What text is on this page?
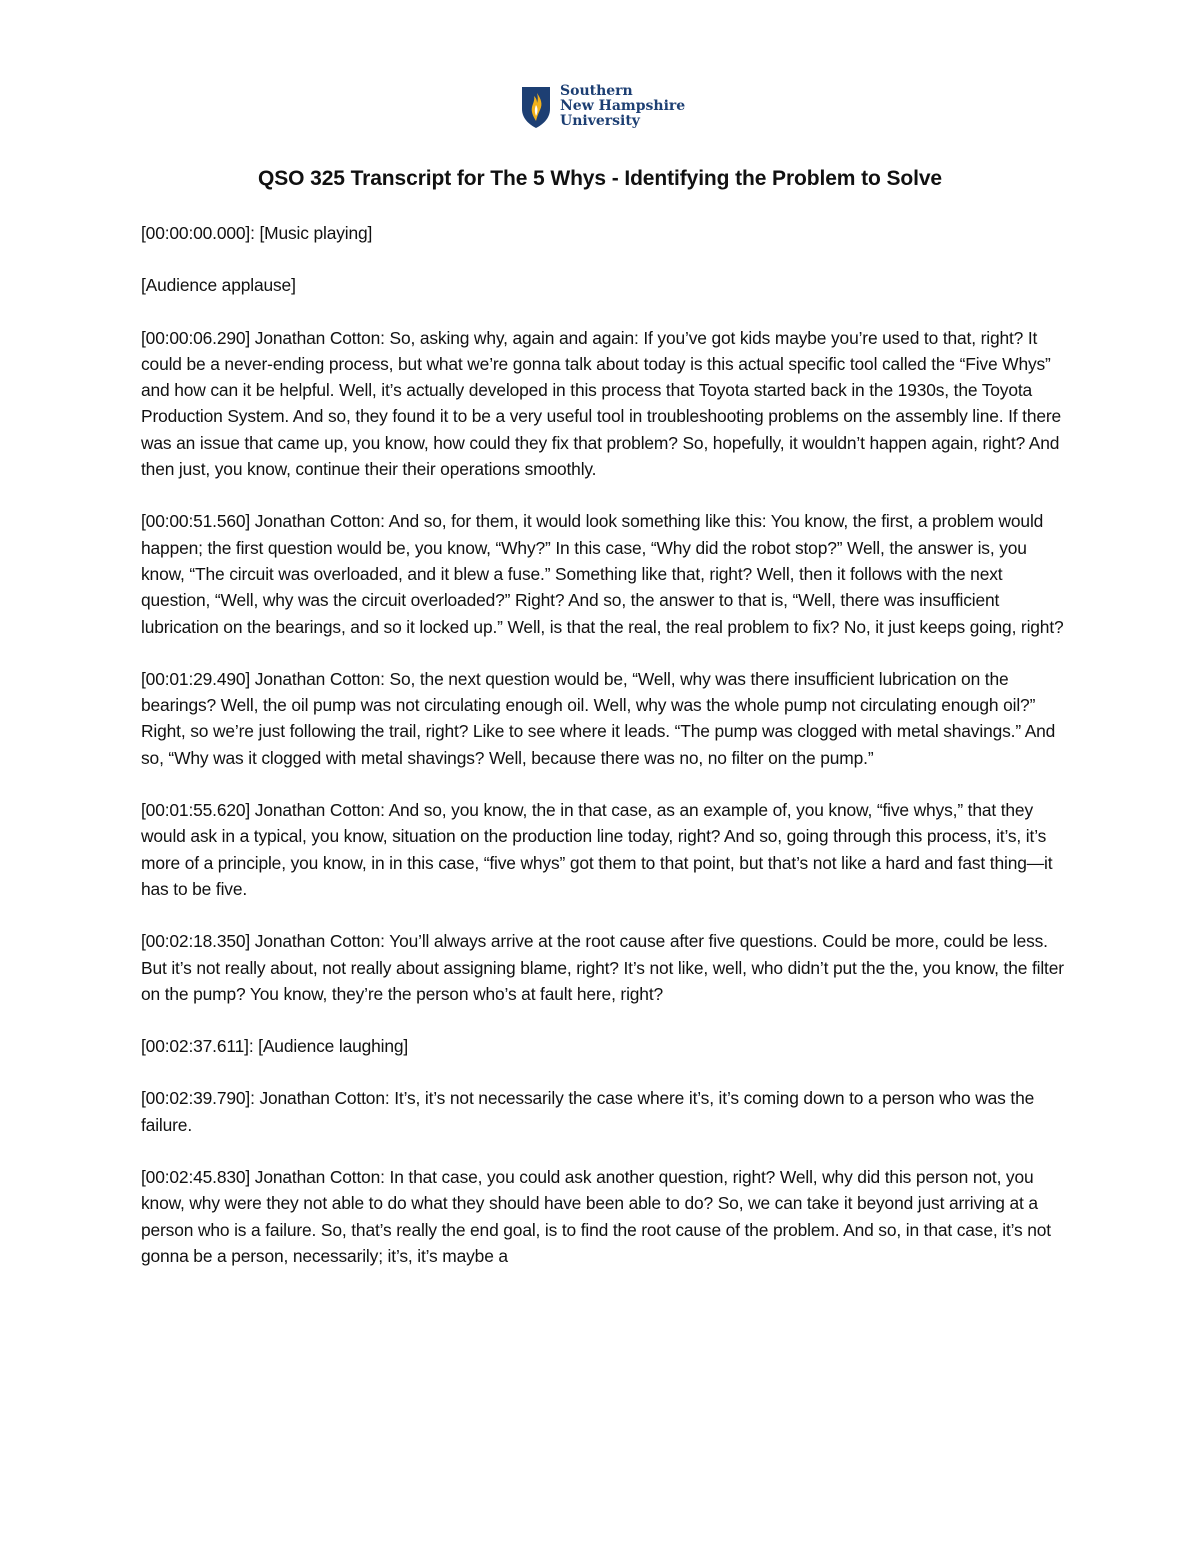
Southern
New Hampshire
University
QSO 325 Transcript for The 5 Whys - Identifying the Problem to Solve

[00:00:00.000]: [Music playing]

[Audience applause]

[00:00:06.290] Jonathan Cotton: So, asking why, again and again: If you’ve got kids maybe you’re used to that, right? It could be a never-ending process, but what we’re gonna talk about today is this actual specific tool called the “Five Whys” and how can it be helpful. Well, it’s actually developed in this process that Toyota started back in the 1930s, the Toyota Production System. And so, they found it to be a very useful tool in troubleshooting problems on the assembly line. If there was an issue that came up, you know, how could they fix that problem? So, hopefully, it wouldn’t happen again, right? And then just, you know, continue their their operations smoothly.

[00:00:51.560] Jonathan Cotton: And so, for them, it would look something like this: You know, the first, a problem would happen; the first question would be, you know, “Why?” In this case, “Why did the robot stop?” Well, the answer is, you know, “The circuit was overloaded, and it blew a fuse.” Something like that, right? Well, then it follows with the next question, “Well, why was the circuit overloaded?” Right? And so, the answer to that is, “Well, there was insufficient lubrication on the bearings, and so it locked up.” Well, is that the real, the real problem to fix? No, it just keeps going, right?

[00:01:29.490] Jonathan Cotton: So, the next question would be, “Well, why was there insufficient lubrication on the bearings? Well, the oil pump was not circulating enough oil. Well, why was the whole pump not circulating enough oil?” Right, so we’re just following the trail, right? Like to see where it leads. “The pump was clogged with metal shavings.” And so, “Why was it clogged with metal shavings? Well, because there was no, no filter on the pump.”

[00:01:55.620] Jonathan Cotton: And so, you know, the in that case, as an example of, you know, “five whys,” that they would ask in a typical, you know, situation on the production line today, right? And so, going through this process, it’s, it’s more of a principle, you know, in in this case, “five whys” got them to that point, but that’s not like a hard and fast thing—it has to be five.

[00:02:18.350] Jonathan Cotton: You’ll always arrive at the root cause after five questions. Could be more, could be less. But it’s not really about, not really about assigning blame, right? It’s not like, well, who didn’t put the the, you know, the filter on the pump? You know, they’re the person who’s at fault here, right?

[00:02:37.611]: [Audience laughing]

[00:02:39.790]: Jonathan Cotton: It’s, it’s not necessarily the case where it’s, it’s coming down to a person who was the failure.

[00:02:45.830] Jonathan Cotton: In that case, you could ask another question, right? Well, why did this person not, you know, why were they not able to do what they should have been able to do? So, we can take it beyond just arriving at a person who is a failure. So, that’s really the end goal, is to find the root cause of the problem. And so, in that case, it’s not gonna be a person, necessarily; it’s, it’s maybe a
